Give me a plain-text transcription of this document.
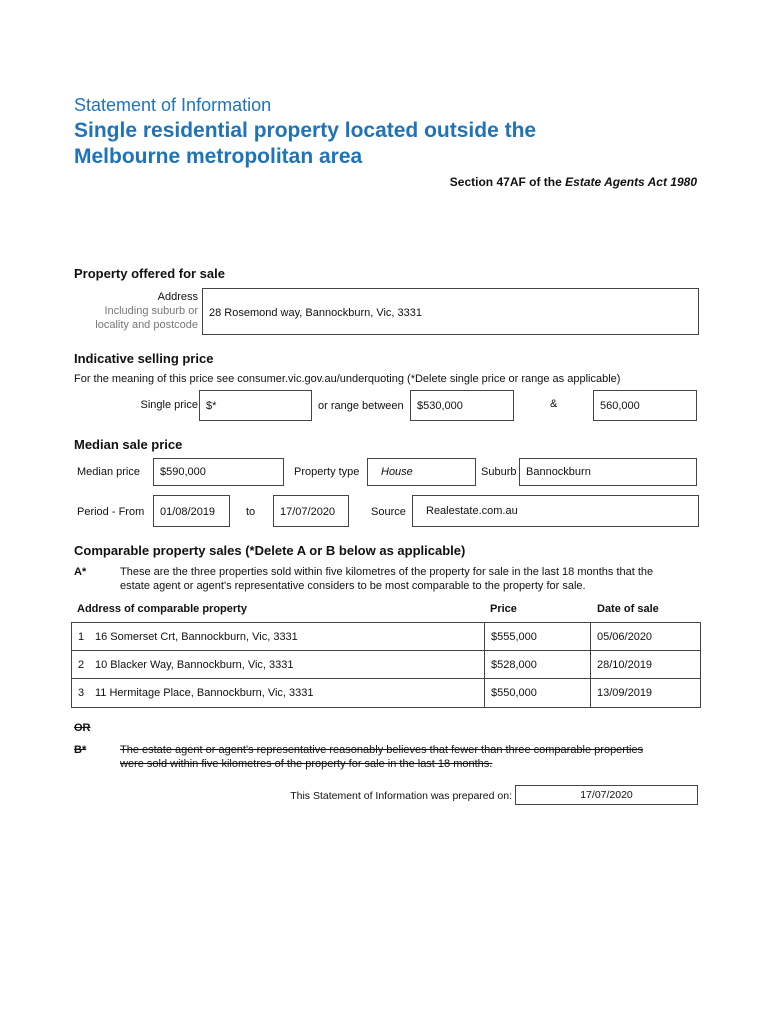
Statement of Information
Single residential property located outside the
Melbourne metropolitan area
Section 47AF of the Estate Agents Act 1980
Property offered for sale
Address
Including suburb or
locality and postcode
28 Rosemond way, Bannockburn, Vic, 3331
Indicative selling price
For the meaning of this price see consumer.vic.gov.au/underquoting (*Delete single price or range as applicable)
Single price $*	or range between	$530,000	&	560,000
Median sale price
Median price	$590,000	Property type House	Suburb Bannockburn
Period - From	01/08/2019	to	17/07/2020	Source	Realestate.com.au
Comparable property sales (*Delete A or B below as applicable)
A*	These are the three properties sold within five kilometres of the property for sale in the last 18 months that the
estate agent or agent's representative considers to be most comparable to the property for sale.
Address of comparable property	Price	Date of sale
1 16 Somerset Crt, Bannockburn, Vic, 3331	$555,000	05/06/2020
2 10 Blacker Way, Bannockburn, Vic, 3331	$528,000	28/10/2019
3 11 Hermitage Place, Bannockburn, Vic, 3331	$550,000	13/09/2019
OR
B*	The estate agent or agent's representative reasonably believes that fewer than three comparable properties
were sold within five kilometres of the property for sale in the last 18 months.
This Statement of Information was prepared on:	17/07/2020
